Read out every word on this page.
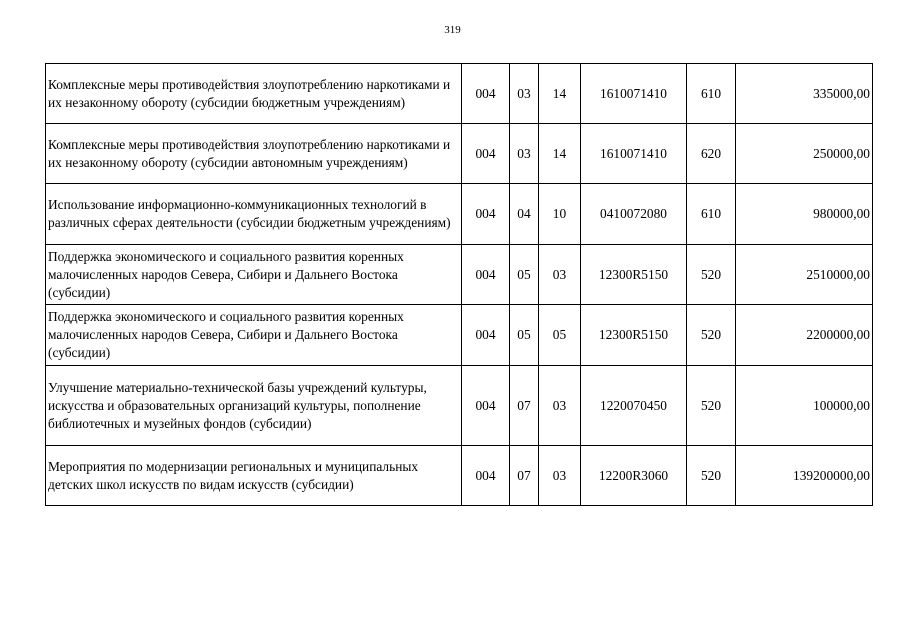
319
Комплексные меры противодействия злоупотреблению наркотиками и их незаконному обороту (субсидии бюджетным учреждениям)	004	03	14	1610071410	610	335000,00
Комплексные меры противодействия злоупотреблению наркотиками и их незаконному обороту (субсидии автономным учреждениям)	004	03	14	1610071410	620	250000,00
Использование информационно-коммуникационных технологий в различных сферах деятельности (субсидии бюджетным учреждениям)	004	04	10	0410072080	610	980000,00
Поддержка экономического и социального развития коренных малочисленных народов Севера, Сибири и Дальнего Востока (субсидии)	004	05	03	12300R5150	520	2510000,00
Поддержка экономического и социального развития коренных малочисленных народов Севера, Сибири и Дальнего Востока (субсидии)	004	05	05	12300R5150	520	2200000,00
Улучшение материально-технической базы учреждений культуры, искусства и образовательных организаций культуры, пополнение библиотечных и музейных фондов (субсидии)	004	07	03	1220070450	520	100000,00
Мероприятия по модернизации региональных и муниципальных детских школ искусств по видам искусств (субсидии)	004	07	03	12200R3060	520	139200000,00
